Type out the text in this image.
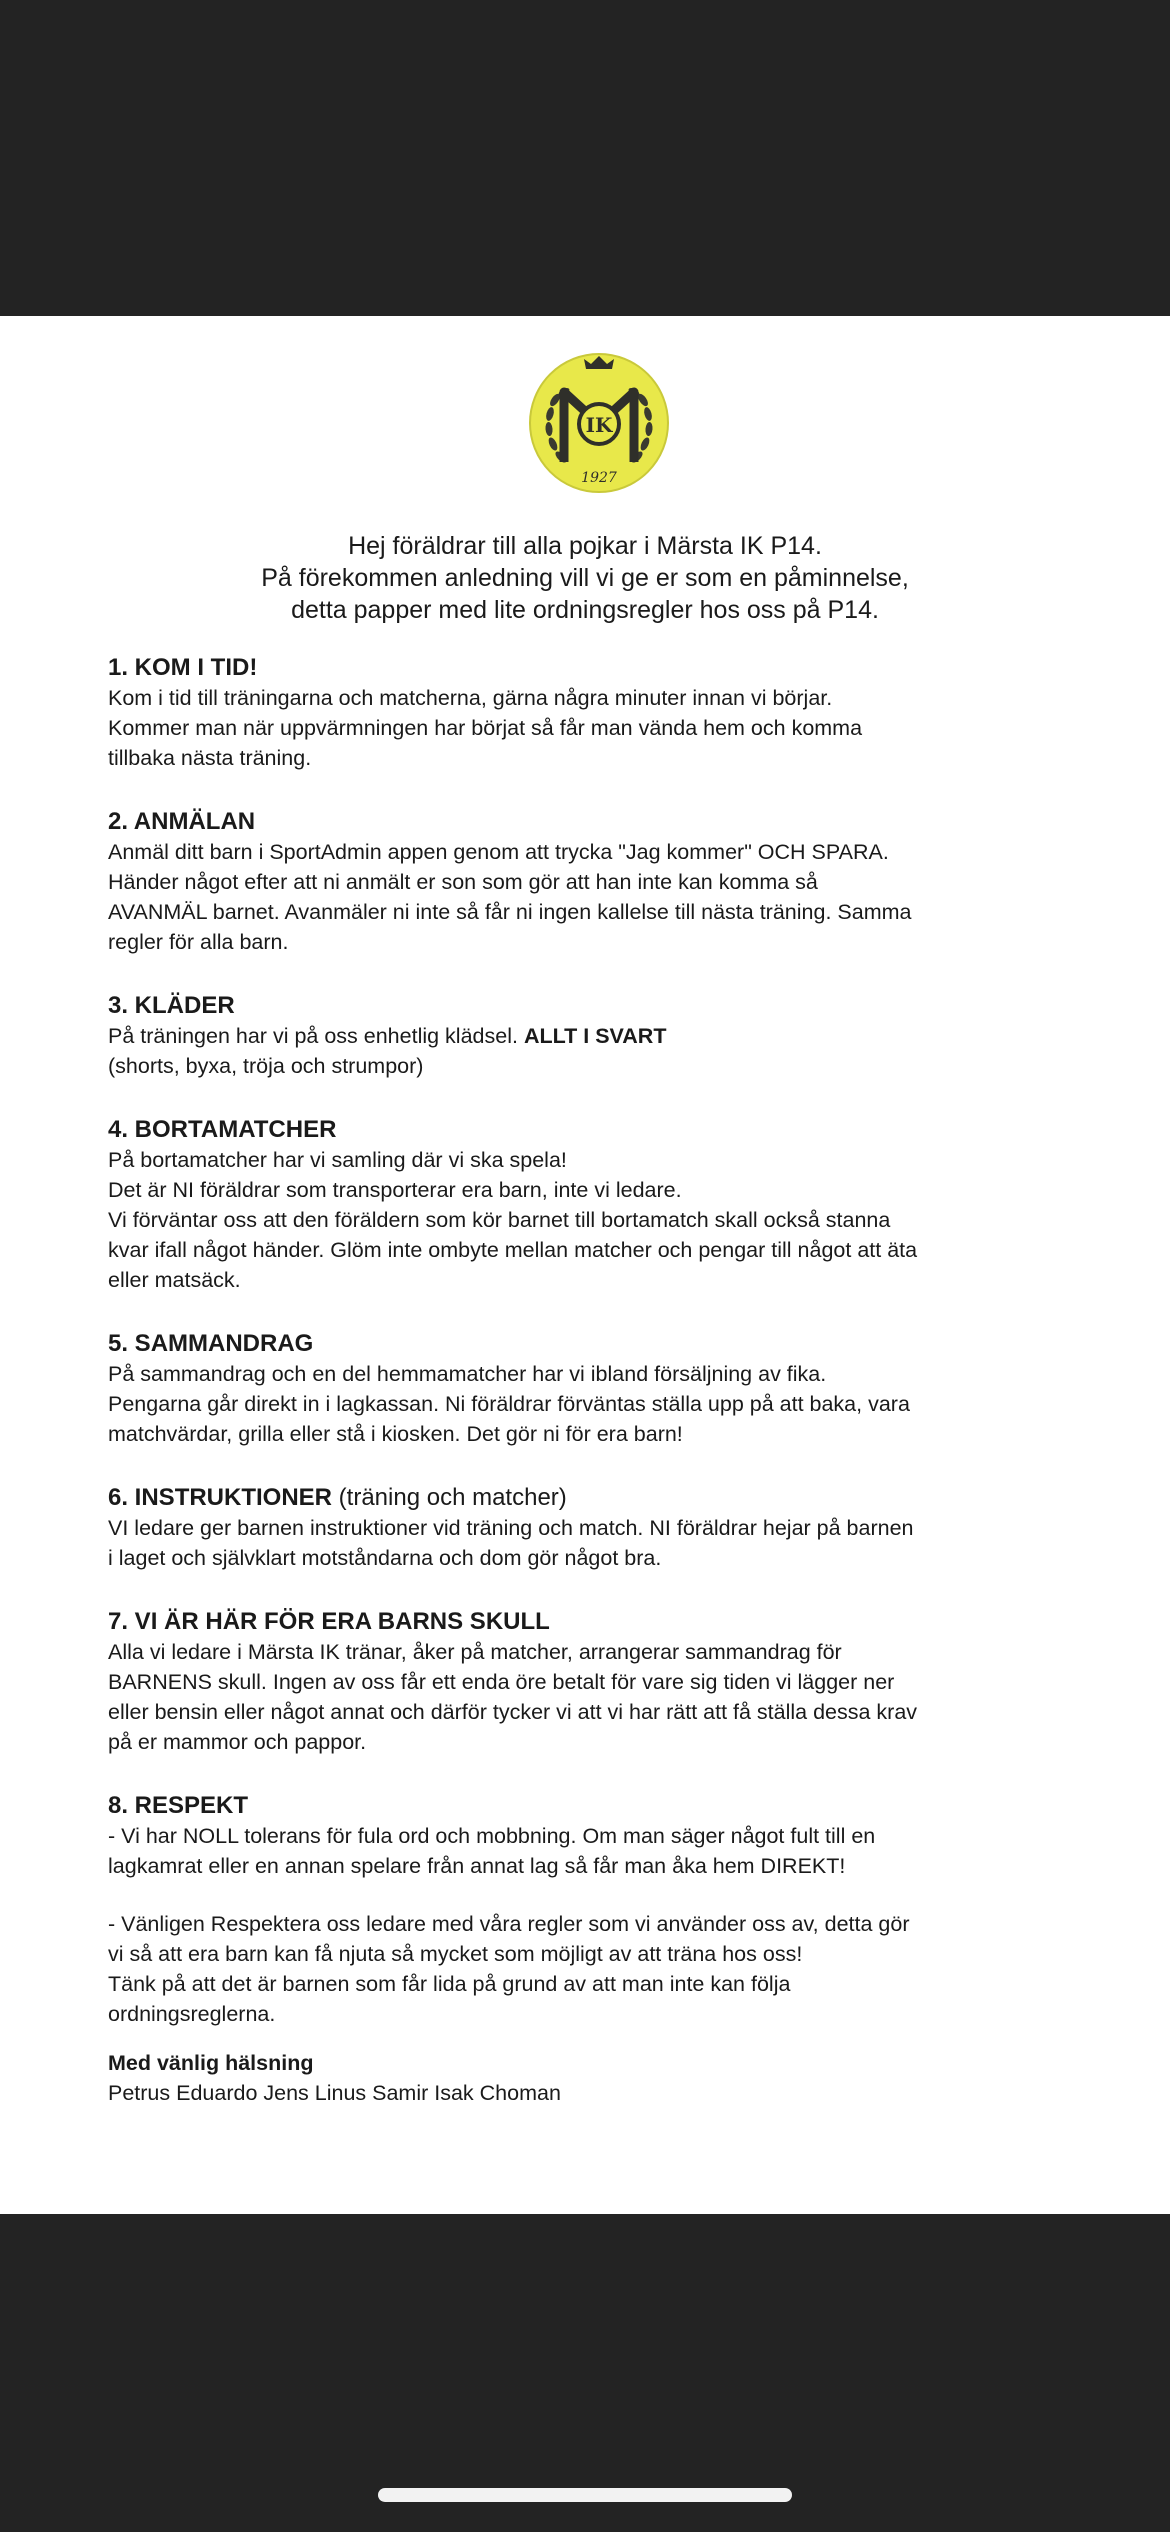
IK
1927
Hej föräldrar till alla pojkar i Märsta IK P14.
På förekommen anledning vill vi ge er som en påminnelse,
detta papper med lite ordningsregler hos oss på P14.
1. KOM I TID!
Kom i tid till träningarna och matcherna, gärna några minuter innan vi börjar.
Kommer man när uppvärmningen har börjat så får man vända hem och komma
tillbaka nästa träning.
2. ANMÄLAN
Anmäl ditt barn i SportAdmin appen genom att trycka "Jag kommer" OCH SPARA.
Händer något efter att ni anmält er son som gör att han inte kan komma så
AVANMÄL barnet. Avanmäler ni inte så får ni ingen kallelse till nästa träning. Samma
regler för alla barn.
3. KLÄDER
På träningen har vi på oss enhetlig klädsel. ALLT I SVART
(shorts, byxa, tröja och strumpor)
4. BORTAMATCHER
På bortamatcher har vi samling där vi ska spela!
Det är NI föräldrar som transporterar era barn, inte vi ledare.
Vi förväntar oss att den föräldern som kör barnet till bortamatch skall också stanna
kvar ifall något händer. Glöm inte ombyte mellan matcher och pengar till något att äta
eller matsäck.
5. SAMMANDRAG
På sammandrag och en del hemmamatcher har vi ibland försäljning av fika.
Pengarna går direkt in i lagkassan. Ni föräldrar förväntas ställa upp på att baka, vara
matchvärdar, grilla eller stå i kiosken. Det gör ni för era barn!
6. INSTRUKTIONER (träning och matcher)
VI ledare ger barnen instruktioner vid träning och match. NI föräldrar hejar på barnen
i laget och självklart motståndarna och dom gör något bra.
7. VI ÄR HÄR FÖR ERA BARNS SKULL
Alla vi ledare i Märsta IK tränar, åker på matcher, arrangerar sammandrag för
BARNENS skull. Ingen av oss får ett enda öre betalt för vare sig tiden vi lägger ner
eller bensin eller något annat och därför tycker vi att vi har rätt att få ställa dessa krav
på er mammor och pappor.
8. RESPEKT
- Vi har NOLL tolerans för fula ord och mobbning. Om man säger något fult till en
lagkamrat eller en annan spelare från annat lag så får man åka hem DIREKT!
- Vänligen Respektera oss ledare med våra regler som vi använder oss av, detta gör
vi så att era barn kan få njuta så mycket som möjligt av att träna hos oss!
Tänk på att det är barnen som får lida på grund av att man inte kan följa
ordningsreglerna.
Med vänlig hälsning
Petrus Eduardo Jens Linus Samir Isak Choman
